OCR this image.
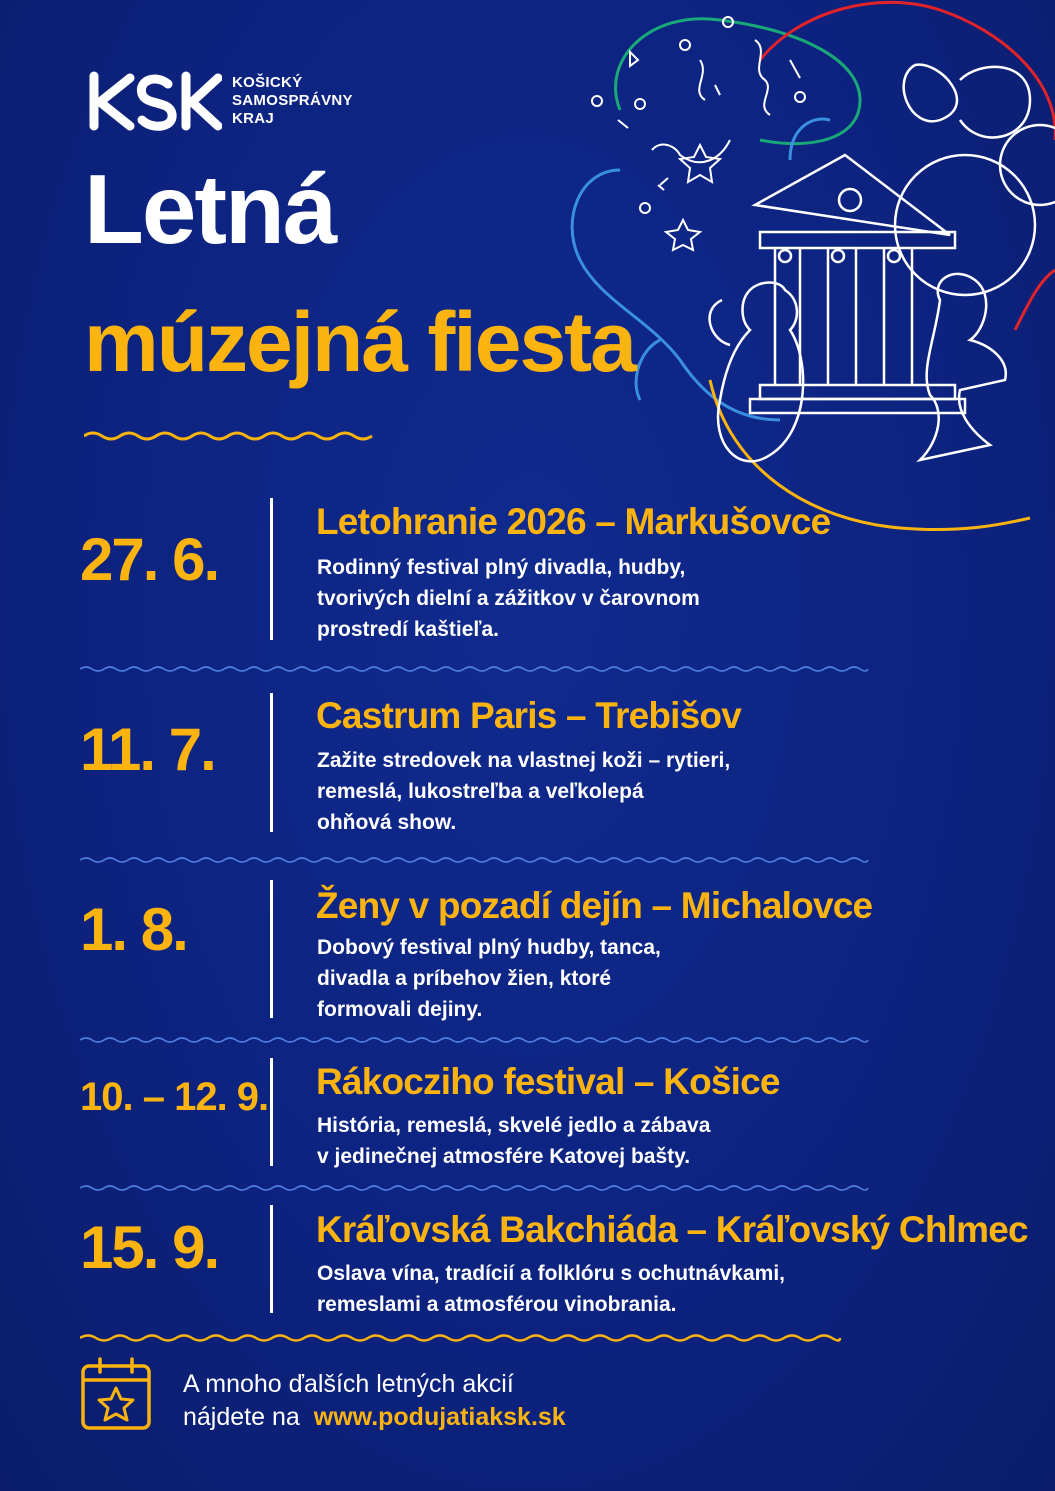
KOŠICKÝ
SAMOSPRÁVNY
KRAJ
Letná
múzejná fiesta
27. 6.
Letohranie 2026 – Markušovce
Rodinný festival plný divadla, hudby,
tvorivých dielní a zážitkov v čarovnom
prostredí kaštieľa.
11. 7.
Castrum Paris – Trebišov
Zažite stredovek na vlastnej koži – rytieri,
remeslá, lukostreľba a veľkolepá
ohňová show.
1. 8.	Ženy v pozadí dejín – Michalovce
Dobový festival plný hudby, tanca,
divadla a príbehov žien, ktoré
formovali dejiny.
10. – 12. 9. Rákocziho festival – Košice
História, remeslá, skvelé jedlo a zábava
v jedinečnej atmosfére Katovej bašty.
15. 9.	Kráľovská Bakchiáda – Kráľovský Chlmec
Oslava vína, tradícií a folklóru s ochutnávkami,
remeslami a atmosférou vinobrania.
A mnoho ďalších letných akcií
nájdete na www.podujatiaksk.sk
